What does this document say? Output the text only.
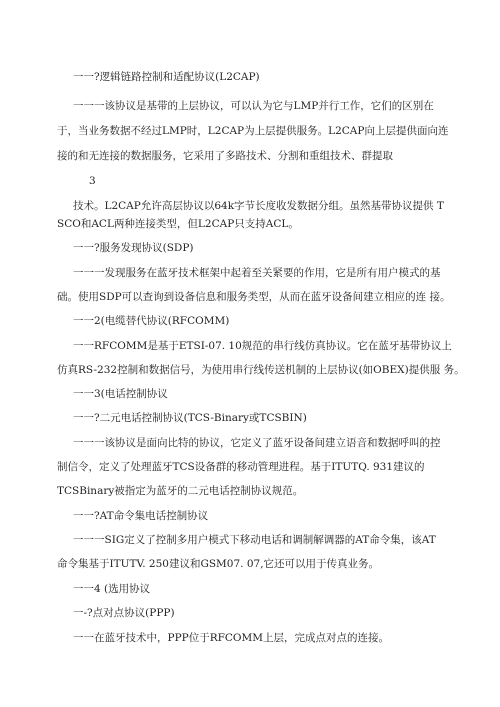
一一?逻辑链路控制和适配协议(L2CAP)
一一一该协议是基带的上层协议，可以认为它与LMP并行工作，它们的区别在
于，当业务数据不经过LMP时，L2CAP为上层提供服务。L2CAP向上层提供面向连
接的和无连接的数据服务，它采用了多路技术、分割和重组技术、群提取
3
技术。L2CAP允许高层协议以64k字节长度收发数据分组。虽然基带协议提供 T
SCO和ACL两种连接类型，但L2CAP只支持ACL。
一一?服务发现协议(SDP)
一一一发现服务在蓝牙技术框架中起着至关紧要的作用，它是所有用户模式的基
础。使用SDP可以查询到设备信息和服务类型，从而在蓝牙设备间建立相应的连 接。
一一2(电缆替代协议(RFCOMM)
一一RFCOMM是基于ETSI-07. 10规范的串行线仿真协议。它在蓝牙基带协议上
仿真RS-232控制和数据信号，为使用串行线传送机制的上层协议(如OBEX)提供服 务。
一一3(电话控制协议
一一?二元电话控制协议(TCS-Binary或TCSBIN)
一一一该协议是面向比特的协议，它定义了蓝牙设备间建立语音和数据呼叫的控
制信令，定义了处理蓝牙TCS设备群的移动管理进程。基于ITUTQ. 931建议的
TCSBinary被指定为蓝牙的二元电话控制协议规范。
一一?AT命令集电话控制协议
一一一SIG定义了控制多用户模式下移动电话和调制解调器的AT命令集，该AT
命令集基于ITUTV. 250建议和GSM07. 07,它还可以用于传真业务。
一一4 (选用协议
一-?点对点协议(PPP)
一一在蓝牙技术中，PPP位于RFCOMM上层，完成点对点的连接。
